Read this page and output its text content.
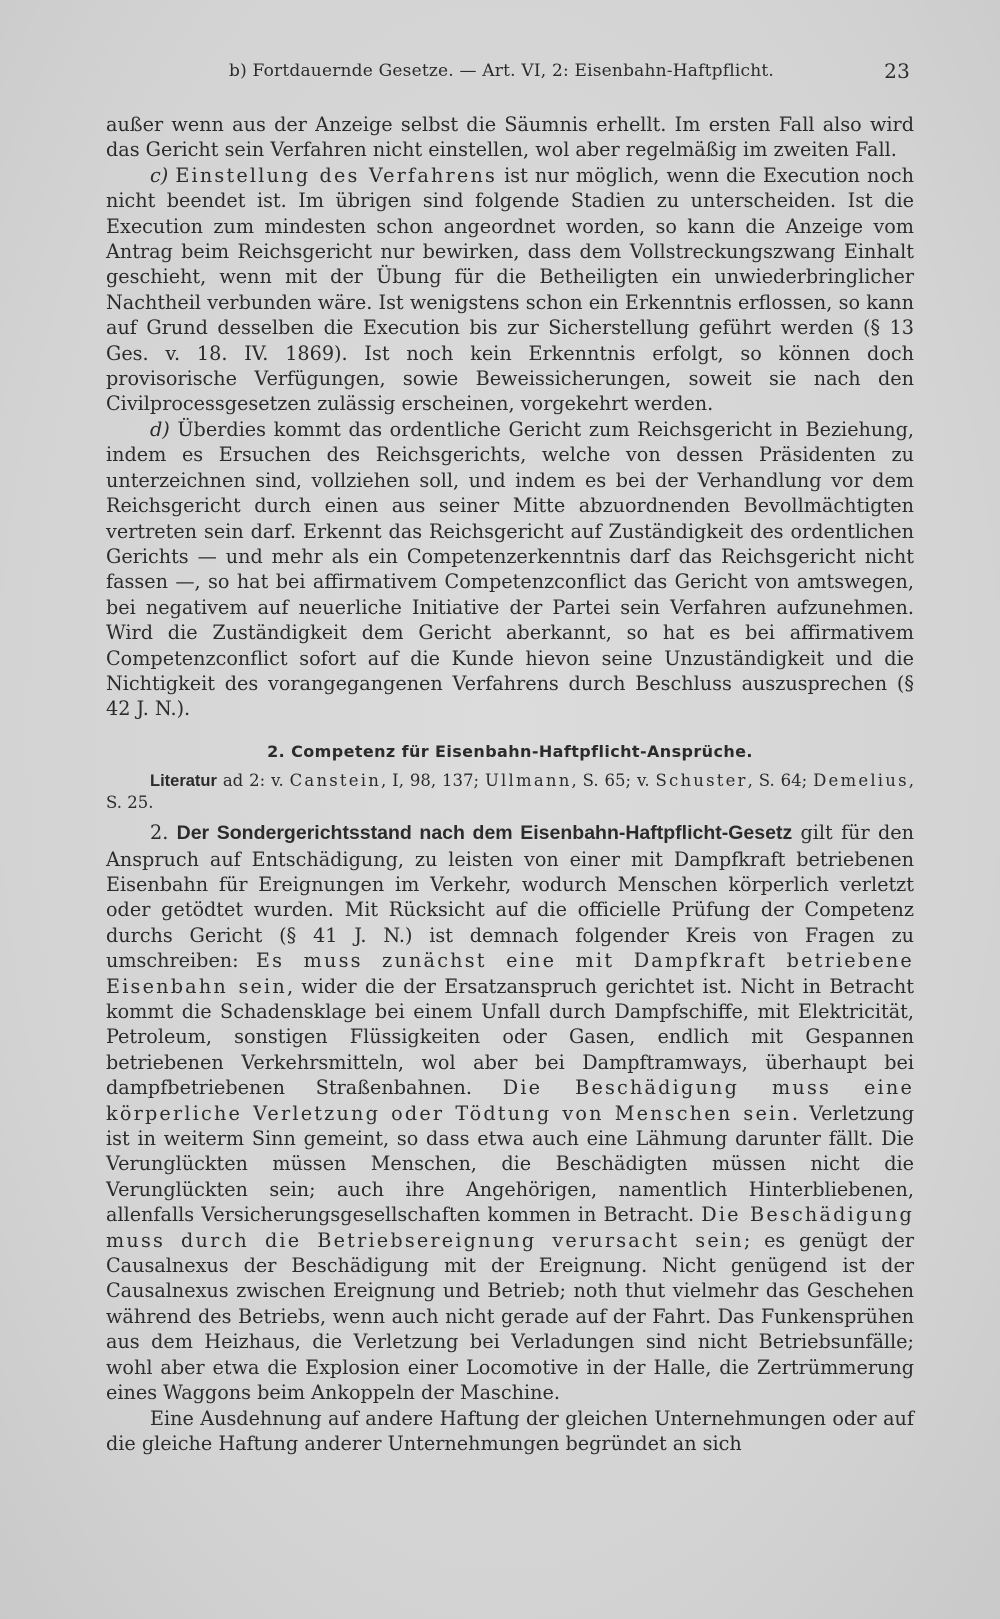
b) Fortdauernde Gesetze. — Art. VI, 2: Eisenbahn-Haftpflicht.	23

außer wenn aus der Anzeige selbst die Säumnis erhellt. Im ersten Fall also wird das Gericht sein Verfahren nicht einstellen, wol aber regelmäßig im zweiten Fall.

c) Einstellung des Verfahrens ist nur möglich, wenn die Execution noch nicht beendet ist. Im übrigen sind folgende Stadien zu unterscheiden. Ist die Execution zum mindesten schon angeordnet worden, so kann die Anzeige vom Antrag beim Reichsgericht nur bewirken, dass dem Vollstreckungszwang Einhalt geschieht, wenn mit der Übung für die Betheiligten ein unwiederbringlicher Nachtheil verbunden wäre. Ist wenigstens schon ein Erkenntnis erflossen, so kann auf Grund desselben die Execution bis zur Sicherstellung geführt werden (§ 13 Ges. v. 18. IV. 1869). Ist noch kein Erkenntnis erfolgt, so können doch provisorische Verfügungen, sowie Beweissicherungen, soweit sie nach den Civilprocessgesetzen zulässig erscheinen, vorgekehrt werden.

d) Überdies kommt das ordentliche Gericht zum Reichsgericht in Beziehung, indem es Ersuchen des Reichsgerichts, welche von dessen Präsidenten zu unterzeichnen sind, vollziehen soll, und indem es bei der Verhandlung vor dem Reichsgericht durch einen aus seiner Mitte abzuordnenden Bevollmächtigten vertreten sein darf. Erkennt das Reichsgericht auf Zuständigkeit des ordentlichen Gerichts — und mehr als ein Competenzerkenntnis darf das Reichsgericht nicht fassen —, so hat bei affirmativem Competenzconflict das Gericht von amtswegen, bei negativem auf neuerliche Initiative der Partei sein Verfahren aufzunehmen. Wird die Zuständigkeit dem Gericht aberkannt, so hat es bei affirmativem Competenzconflict sofort auf die Kunde hievon seine Unzuständigkeit und die Nichtigkeit des vorangegangenen Verfahrens durch Beschluss auszusprechen (§ 42 J. N.).

2. Competenz für Eisenbahn-Haftpflicht-Ansprüche.

Literatur ad 2: v. Canstein, I, 98, 137; Ullmann, S. 65; v. Schuster, S. 64; Demelius, S. 25.

2. Der Sondergerichtsstand nach dem Eisenbahn-Haftpflicht-Gesetz gilt für den Anspruch auf Entschädigung, zu leisten von einer mit Dampfkraft betriebenen Eisenbahn für Ereignungen im Verkehr, wodurch Menschen körperlich verletzt oder getödtet wurden. Mit Rücksicht auf die officielle Prüfung der Competenz durchs Gericht (§ 41 J. N.) ist demnach folgender Kreis von Fragen zu umschreiben: Es muss zunächst eine mit Dampfkraft betriebene Eisenbahn sein, wider die der Ersatzanspruch gerichtet ist. Nicht in Betracht kommt die Schadensklage bei einem Unfall durch Dampfschiffe, mit Elektricität, Petroleum, sonstigen Flüssigkeiten oder Gasen, endlich mit Gespannen betriebenen Verkehrsmitteln, wol aber bei Dampftramways, überhaupt bei dampfbetriebenen Straßenbahnen. Die Beschädigung muss eine körperliche Verletzung oder Tödtung von Menschen sein. Verletzung ist in weiterm Sinn gemeint, so dass etwa auch eine Lähmung darunter fällt. Die Verunglückten müssen Menschen, die Beschädigten müssen nicht die Verunglückten sein; auch ihre Angehörigen, namentlich Hinterbliebenen, allenfalls Versicherungsgesellschaften kommen in Betracht. Die Beschädigung muss durch die Betriebsereignung verursacht sein; es genügt der Causalnexus der Beschädigung mit der Ereignung. Nicht genügend ist der Causalnexus zwischen Ereignung und Betrieb; noth thut vielmehr das Geschehen während des Betriebs, wenn auch nicht gerade auf der Fahrt. Das Funkensprühen aus dem Heizhaus, die Verletzung bei Verladungen sind nicht Betriebsunfälle; wohl aber etwa die Explosion einer Locomotive in der Halle, die Zertrümmerung eines Waggons beim Ankoppeln der Maschine.

Eine Ausdehnung auf andere Haftung der gleichen Unternehmungen oder auf die gleiche Haftung anderer Unternehmungen begründet an sich
